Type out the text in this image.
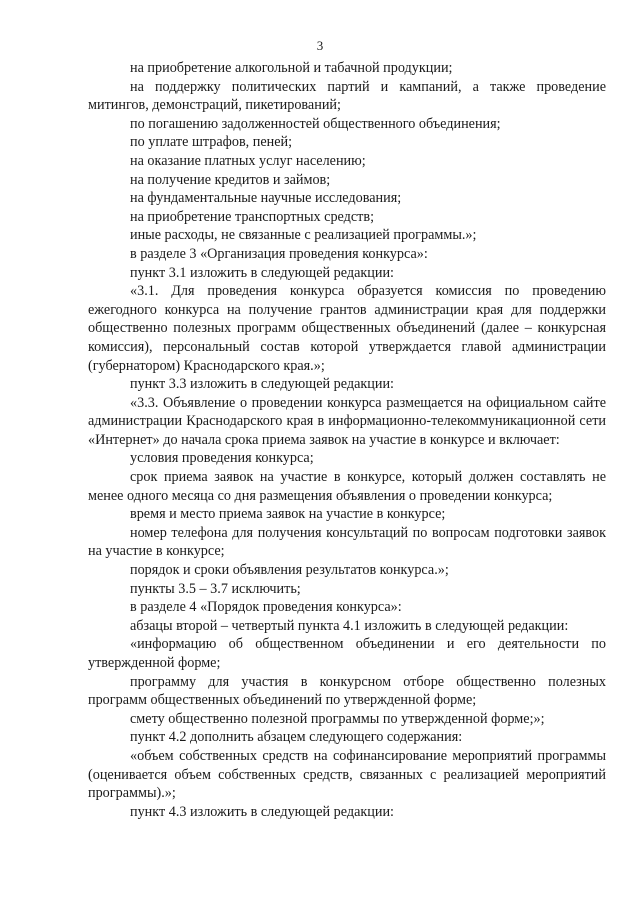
3

на приобретение алкогольной и табачной продукции;

на поддержку политических партий и кампаний, а также проведение митингов, демонстраций, пикетирований;

по погашению задолженностей общественного объединения;

по уплате штрафов, пеней;

на оказание платных услуг населению;

на получение кредитов и займов;

на фундаментальные научные исследования;

на приобретение транспортных средств;

иные расходы, не связанные с реализацией программы.»;

в разделе 3 «Организация проведения конкурса»:

пункт 3.1 изложить в следующей редакции:

«3.1. Для проведения конкурса образуется комиссия по проведению ежегодного конкурса на получение грантов администрации края для поддержки общественно полезных программ общественных объединений (далее – конкурсная комиссия), персональный состав которой утверждается главой администрации (губернатором) Краснодарского края.»;

пункт 3.3 изложить в следующей редакции:

«3.3. Объявление о проведении конкурса размещается на официальном сайте администрации Краснодарского края в информационно-телекоммуникационной сети «Интернет» до начала срока приема заявок на участие в конкурсе и включает:

условия проведения конкурса;

срок приема заявок на участие в конкурсе, который должен составлять не менее одного месяца со дня размещения объявления о проведении конкурса;

время и место приема заявок на участие в конкурсе;

номер телефона для получения консультаций по вопросам подготовки заявок на участие в конкурсе;

порядок и сроки объявления результатов конкурса.»;

пункты 3.5 – 3.7 исключить;

в разделе 4 «Порядок проведения конкурса»:

абзацы второй – четвертый пункта 4.1 изложить в следующей редакции:

«информацию об общественном объединении и его деятельности по утвержденной форме;

программу для участия в конкурсном отборе общественно полезных программ общественных объединений по утвержденной форме;

смету общественно полезной программы по утвержденной форме;»;

пункт 4.2 дополнить абзацем следующего содержания:

«объем собственных средств на софинансирование мероприятий программы (оценивается объем собственных средств, связанных с реализацией мероприятий программы).»;

пункт 4.3 изложить в следующей редакции:
